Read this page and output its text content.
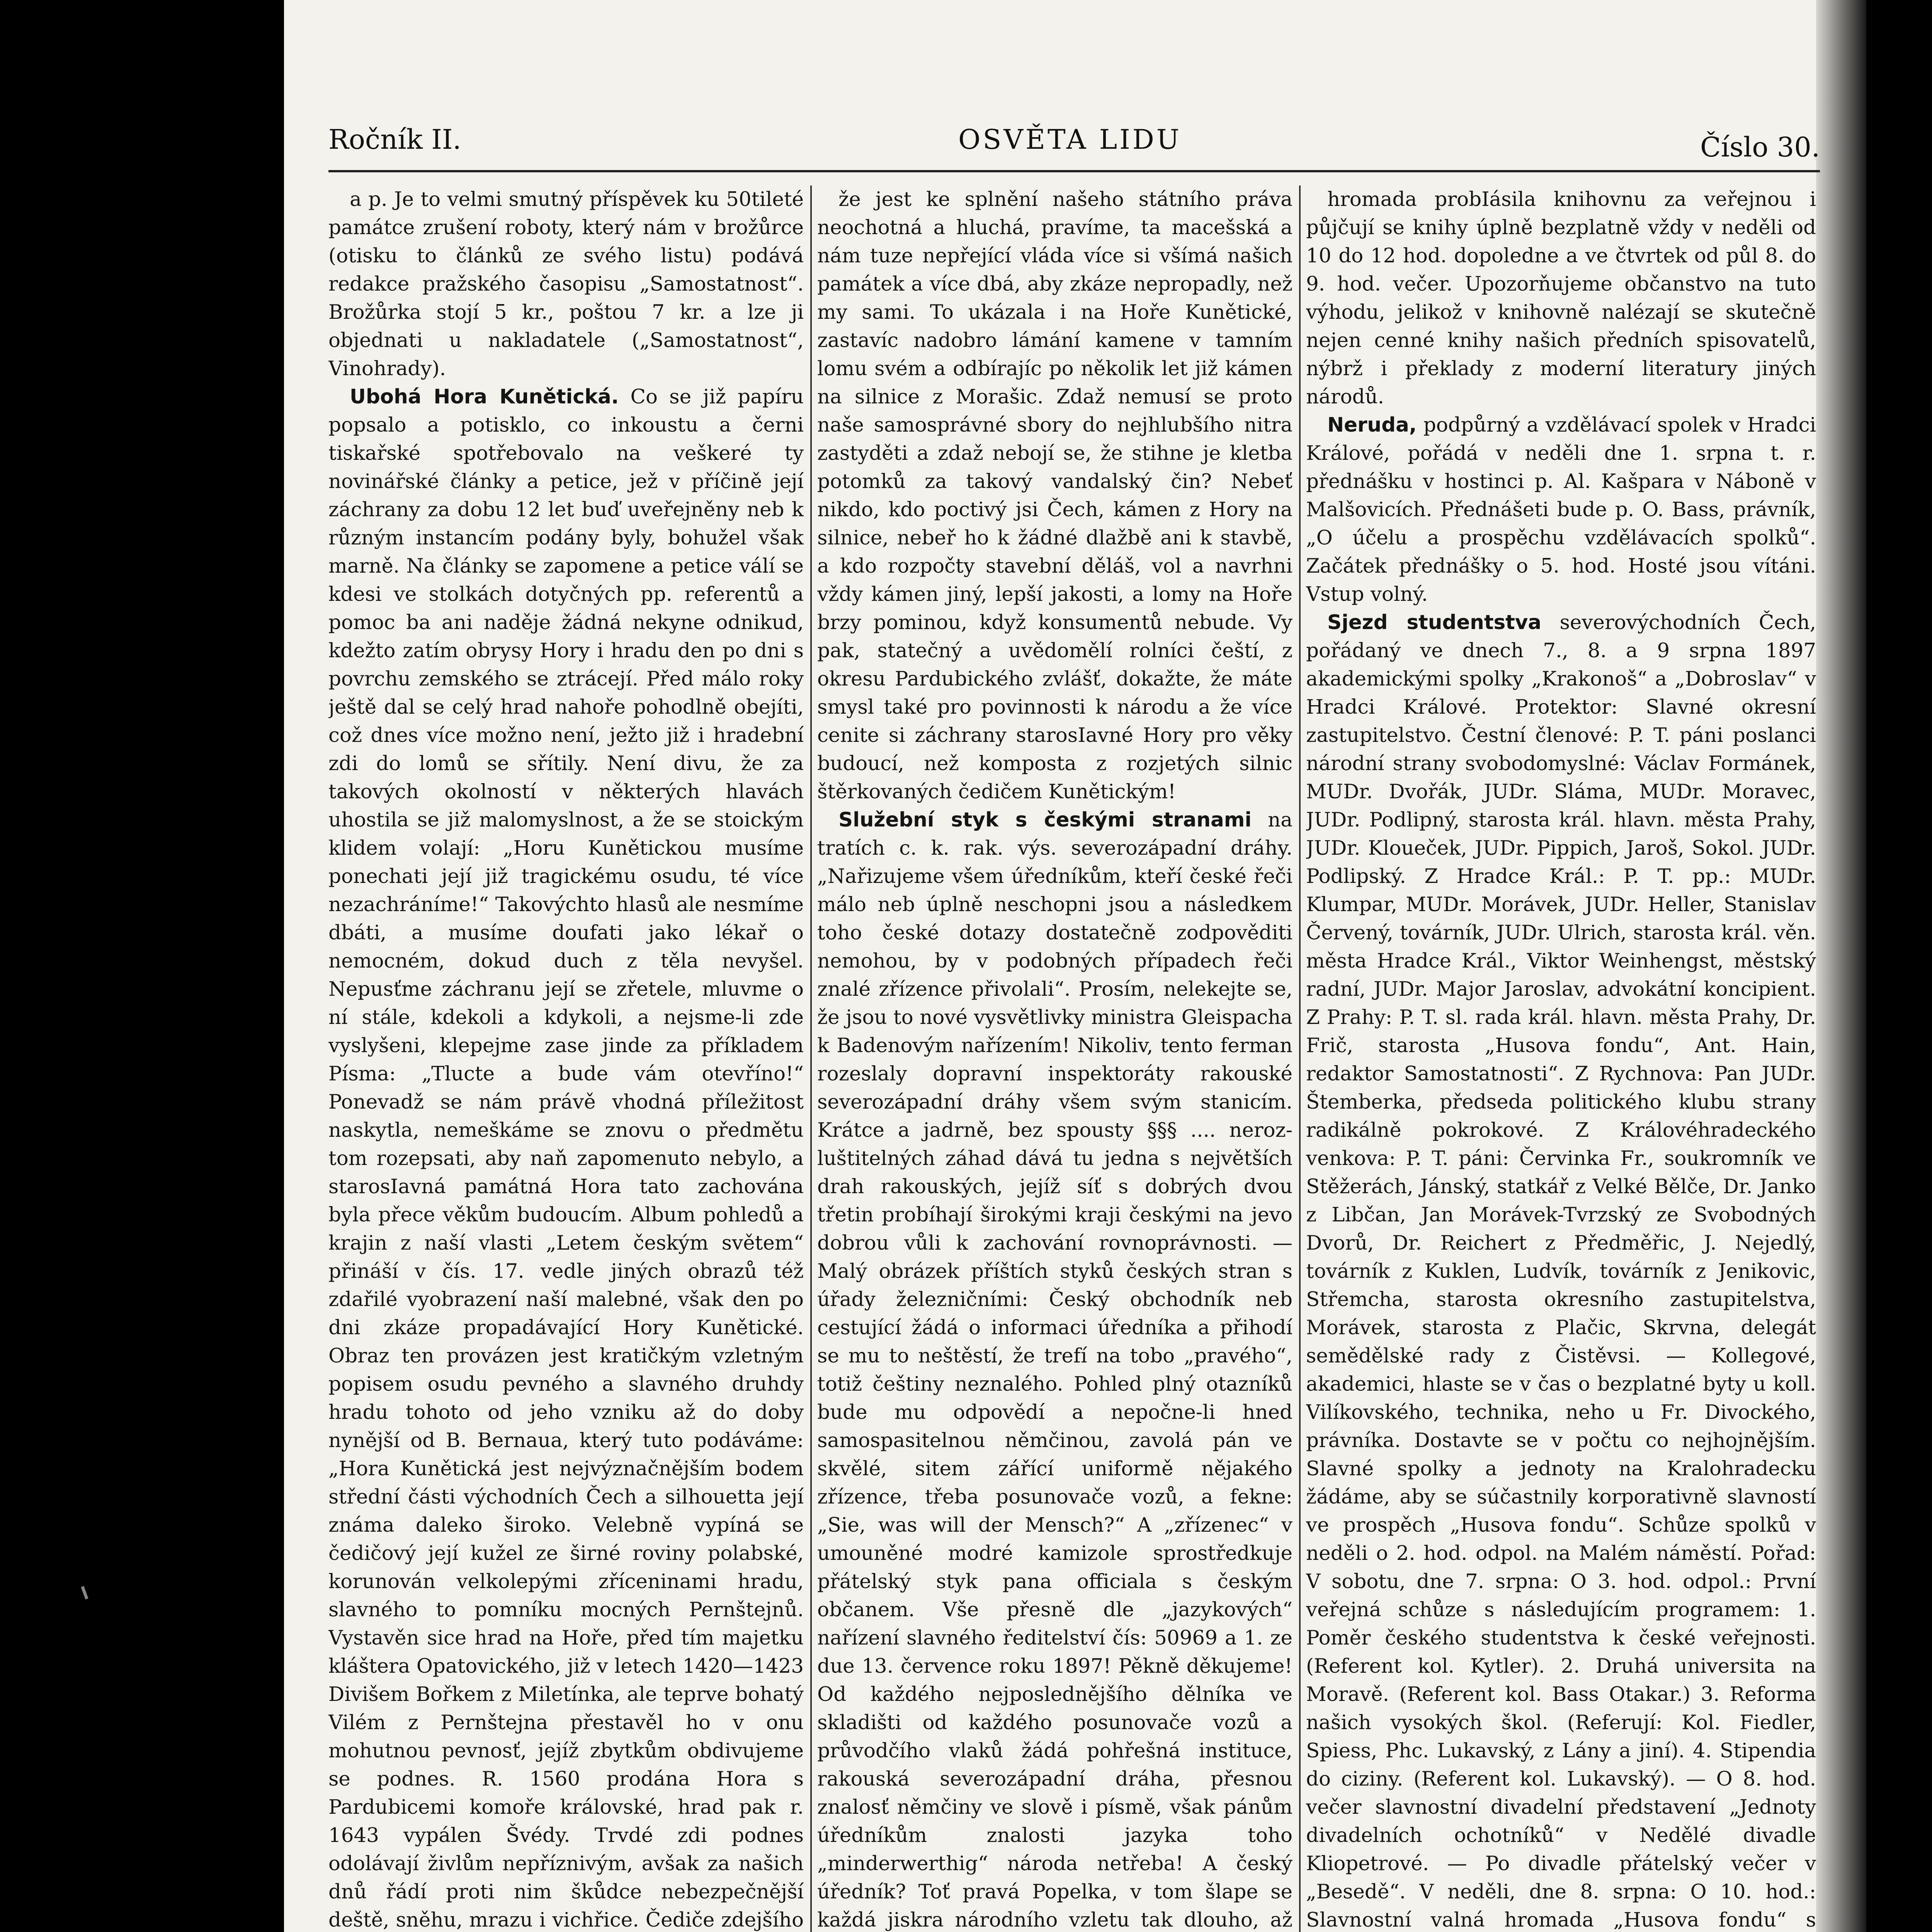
Ročník II.	OSVĚTA LIDU	Číslo 30.

a p. Je to velmi smutný příspěvek ku 50tileté památce zrušení roboty, který nám v brožůrce (otisku to článků ze svého listu) podává redakce pražského časopisu „Samostatnost“. Brožůrka stojí 5 kr., poštou 7 kr. a lze ji objednati u nakladatele („Samostatnost“, Vinohrady).

Ubohá Hora Kunětická. Co se již papíru popsalo a potisklo, co inkoustu a černi tiskařské spotřebovalo na veškeré ty novinářské články a petice, jež v příčině její záchrany za dobu 12 let buď uveřejněny neb k různým instancím podány byly, bohužel však marně. Na články se zapomene a petice válí se kdesi ve stolkách dotyčných pp. referentů a pomoc ba ani naděje žádná nekyne odnikud, kdežto zatím obrysy Hory i hradu den po dni s povrchu zemského se ztrácejí. Před málo roky ještě dal se celý hrad nahoře pohodlně obejíti, což dnes více možno není, ježto již i hradební zdi do lomů se sřítily. Není divu, že za takových okolností v některých hlavách uhostila se již malomyslnost, a že se stoickým klidem volají: „Horu Kunětickou musíme ponechati její již tragickému osudu, té více nezachráníme!“ Takovýchto hlasů ale nesmíme dbáti, a musíme doufati jako lékař o nemocném, dokud duch z těla nevyšel. Nepusťme záchranu její se zřetele, mluvme o ní stále, kdekoli a kdykoli, a nejsme-li zde vyslyšeni, klepejme zase jinde za příkladem Písma: „Tlucte a bude vám otevříno!“ Ponevadž se nám právě vhodná příležitost naskytla, nemeškáme se znovu o předmětu tom rozepsati, aby naň zapomenuto nebylo, a starosIavná památná Hora tato zachována byla přece věkům budoucím. Album pohledů a krajin z naší vlasti „Letem českým světem“ přináší v čís. 17. vedle jiných obrazů též zdařilé vyobrazení naší malebné, však den po dni zkáze propadávající Hory Kunětické. Obraz ten provázen jest kratičkým vzletným popisem osudu pevného a slavného druhdy hradu tohoto od jeho vzniku až do doby nynější od B. Bernaua, který tuto podáváme: „Hora Kunětická jest nejvýznačnějším bodem střední části východních Čech a silhouetta její známa daleko široko. Velebně vypíná se čedičový její kužel ze širné roviny polabské, korunován velkolepými zříceninami hradu, slavného to pomníku mocných Pernštejnů. Vystavěn sice hrad na Hoře, před tím majetku kláštera Opatovického, již v letech 1420—1423 Divišem Bořkem z Miletínka, ale teprve bohatý Vilém z Pernštejna přestavěl ho v onu mohutnou pevnosť, jejíž zbytkům obdivujeme se podnes. R. 1560 prodána Hora s Pardubicemi komoře královské, hrad pak r. 1643 vypálen Švédy. Trvdé zdi podnes odolávají živlům nepříznivým, avšak za našich dnů řádí proti nim škůdce nebezpečnější deště, sněhu, mrazu i vichřice. Čediče zdejšího

že jest ke splnění našeho státního práva neochotná a hluchá, pravíme, ta macešská a nám tuze nepřející vláda více si všímá našich památek a více dbá, aby zkáze nepropadly, než my sami. To ukázala i na Hoře Kunětické, zastavíc nadobro lámání kamene v tamním lomu svém a odbírajíc po několik let již kámen na silnice z Morašic. Zdaž nemusí se proto naše samosprávné sbory do nejhlubšího nitra zastyděti a zdaž nebojí se, že stihne je kletba potomků za takový vandalský čin? Nebeť nikdo, kdo poctivý jsi Čech, kámen z Hory na silnice, nebeř ho k žádné dlažbě ani k stavbě, a kdo rozpočty stavební děláš, vol a navrhni vždy kámen jiný, lepší jakosti, a lomy na Hoře brzy pominou, když konsumentů nebude. Vy pak, statečný a uvědomělí rolníci čeští, z okresu Pardubického zvlášť, dokažte, že máte smysl také pro povinnosti k národu a že více cenite si záchrany starosIavné Hory pro věky budoucí, než komposta z rozjetých silnic štěrkovaných čedičem Kunětickým!

Služební styk s českými stranami na tratích c. k. rak. výs. severozápadní dráhy. „Nařizujeme všem úředníkům, kteří české řeči málo neb úplně neschopni jsou a následkem toho české dotazy dostatečně zodpověditi nemohou, by v podobných případech řeči znalé zřízence přivolali“. Prosím, nelekejte se, že jsou to nové vysvětlivky ministra Gleispacha k Badenovým nařízením! Nikoliv, tento ferman rozeslaly dopravní inspektoráty rakouské severozápadní dráhy všem svým stanicím. Krátce a jadrně, bez spousty §§§ .... nerozluštitelných záhad dává tu jedna s největších drah rakouských, jejíž síť s dobrých dvou třetin probíhají širokými kraji českými na jevo dobrou vůli k zachování rovnoprávnosti. — Malý obrázek příštích styků českých stran s úřady železničními: Český obchodník neb cestující žádá o informaci úředníka a přihodí se mu to neštěstí, že trefí na tobo „pravého“, totiž češtiny neznalého. Pohled plný otazníků bude mu odpovědí a nepočne-li hned samospasitelnou němčinou, zavolá pán ve skvělé, sitem zářící uniformě nějakého zřízence, třeba posunovače vozů, a fekne: „Sie, was will der Mensch?“ A „zřízenec“ v umouněné modré kamizole sprostředkuje přátelský styk pana officiala s českým občanem. Vše přesně dle „jazykových“ nařízení slavného ředitelství čís: 50969 a 1. ze due 13. července roku 1897! Pěkně děkujeme! Od každého nejposlednějšího dělníka ve skladišti od každého posunovače vozů a průvodčího vlaků žádá pohřešná instituce, rakouská severozápadní dráha, přesnou znalosť němčiny ve slově i písmě, však pánům úředníkům znalosti jazyka toho „minderwerthig“ národa netřeba! A český úředník? Toť pravá Popelka, v tom šlape se každá jiskra národního vzletu tak dlouho, až

hromada probIásila knihovnu za veřejnou i půjčují se knihy úplně bezplatně vždy v neděli od 10 do 12 hod. dopoledne a ve čtvrtek od půl 8. do 9. hod. večer. Upozorňujeme občanstvo na tuto výhodu, jelikož v knihovně nalézají se skutečně nejen cenné knihy našich předních spisovatelů, nýbrž i překlady z moderní literatury jiných národů.

Neruda, podpůrný a vzdělávací spolek v Hradci Králové, pořádá v neděli dne 1. srpna t. r. přednášku v hostinci p. Al. Kašpara v Náboně v Malšovicích. Přednášeti bude p. O. Bass, právník, „O účelu a prospěchu vzdělávacích spolků“. Začátek přednášky o 5. hod. Hosté jsou vítáni. Vstup volný.

Sjezd studentstva severovýchodních Čech, pořádaný ve dnech 7., 8. a 9 srpna 1897 akademickými spolky „Krakonoš“ a „Dobroslav“ v Hradci Králové. Protektor: Slavné okresní zastupitelstvo. Čestní členové: P. T. páni poslanci národní strany svobodomyslné: Václav Formánek, MUDr. Dvořák, JUDr. Sláma, MUDr. Moravec, JUDr. Podlipný, starosta král. hlavn. města Prahy, JUDr. Kloueček, JUDr. Pippich, Jaroš, Sokol. JUDr. Podlipský. Z Hradce Král.: P. T. pp.: MUDr. Klumpar, MUDr. Morávek, JUDr. Heller, Stanislav Červený, továrník, JUDr. Ulrich, starosta král. věn. města Hradce Král., Viktor Weinhengst, městský radní, JUDr. Major Jaroslav, advokátní koncipient. Z Prahy: P. T. sl. rada král. hlavn. města Prahy, Dr. Frič, starosta „Husova fondu“, Ant. Hain, redaktor Samostatnosti“. Z Rychnova: Pan JUDr. Štemberka, předseda politického klubu strany radikálně pokrokové. Z Královéhradeckého venkova: P. T. páni: Červinka Fr., soukromník ve Stěžerách, Jánský, statkář z Velké Bělče, Dr. Janko z Libčan, Jan Morávek-Tvrzský ze Svobodných Dvorů, Dr. Reichert z Předměřic, J. Nejedlý, továrník z Kuklen, Ludvík, továrník z Jenikovic, Střemcha, starosta okresního zastupitelstva, Morávek, starosta z Plačic, Skrvna, delegát semědělské rady z Čistěvsi. — Kollegové, akademici, hlaste se v čas o bezplatné byty u koll. Vilíkovského, technika, neho u Fr. Divockého, právníka. Dostavte se v počtu co nejhojnějším. Slavné spolky a jednoty na Kralohradecku žádáme, aby se súčastnily korporativně slavností ve prospěch „Husova fondu“. Schůze spolků v neděli o 2. hod. odpol. na Malém náměstí. Pořad: V sobotu, dne 7. srpna: O 3. hod. odpol.: První veřejná schůze s následujícím programem: 1. Poměr českého studentstva k české veřejnosti. (Referent kol. Kytler). 2. Druhá universita na Moravě. (Referent kol. Bass Otakar.) 3. Reforma našich vysokých škol. (Referují: Kol. Fiedler, Spiess, Phc. Lukavský, z Lány a jiní). 4. Stipendia do ciziny. (Referent kol. Lukavský). — O 8. hod. večer slavnostní divadelní představení „Jednoty divadelních ochotníků“ v Nedělé divadle Kliopetrové. — Po divadle přátelský večer v „Besedě“. V neděli, dne 8. srpna: O 10. hod.: Slavnostní valná hromada „Husova fondu“ s
